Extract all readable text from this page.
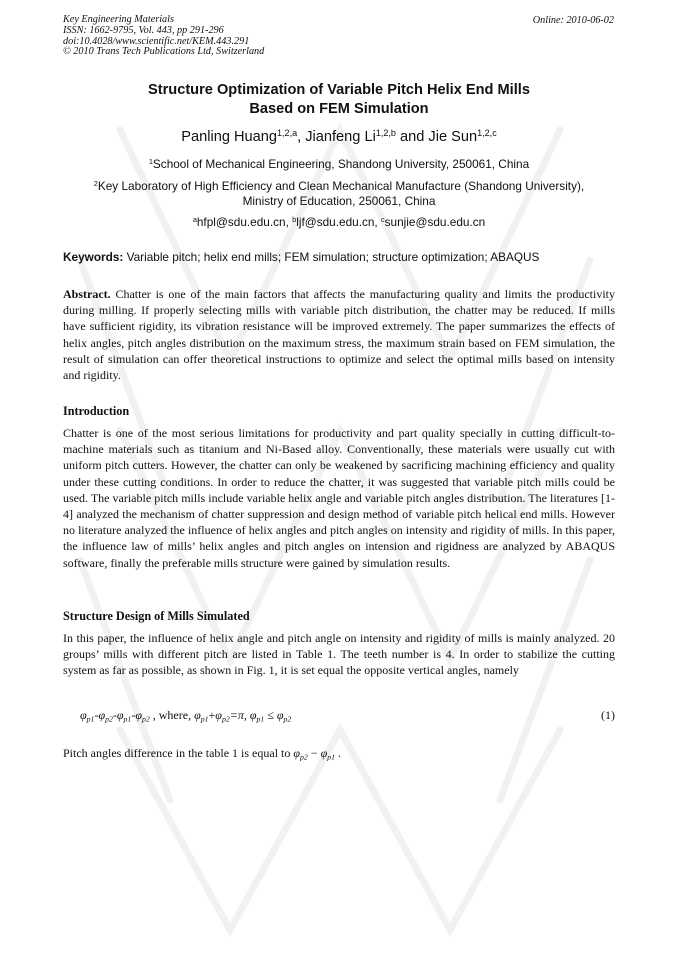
Key Engineering Materials
ISSN: 1662-9795, Vol. 443, pp 291-296
doi:10.4028/www.scientific.net/KEM.443.291
© 2010 Trans Tech Publications Ltd, Switzerland
Online: 2010-06-02
Structure Optimization of Variable Pitch Helix End Mills
Based on FEM Simulation
Panling Huang$^{1,2,a}$, Jianfeng Li$^{1,2,b}$ and Jie Sun$^{1,2,c}$
$^1$School of Mechanical Engineering, Shandong University, 250061, China
$^2$Key Laboratory of High Efficiency and Clean Mechanical Manufacture (Shandong University),
Ministry of Education, 250061, China
$^a$hfpl@sdu.edu.cn, $^b$ljf@sdu.edu.cn, $^c$sunjie@sdu.edu.cn
Keywords: Variable pitch; helix end mills; FEM simulation; structure optimization; ABAQUS
Abstract. Chatter is one of the main factors that affects the manufacturing quality and limits the productivity during milling. If properly selecting mills with variable pitch distribution, the chatter may be reduced. If mills have sufficient rigidity, its vibration resistance will be improved extremely. The paper summarizes the effects of helix angles, pitch angles distribution on the maximum stress, the maximum strain based on FEM simulation, the result of simulation can offer theoretical instructions to optimize and select the optimal mills based on intensity and rigidity.
Introduction
Chatter is one of the most serious limitations for productivity and part quality specially in cutting difficult-to-machine materials such as titanium and Ni-Based alloy. Conventionally, these materials were usually cut with uniform pitch cutters. However, the chatter can only be weakened by sacrificing machining efficiency and quality under these cutting conditions. In order to reduce the chatter, it was suggested that variable pitch mills could be used. The variable pitch mills include variable helix angle and variable pitch angles distribution. The literatures [1-4] analyzed the mechanism of chatter suppression and design method of variable pitch helical end mills. However no literature analyzed the influence of helix angles and pitch angles on intensity and rigidity of mills. In this paper, the influence law of mills’ helix angles and pitch angles on intension and rigidness are analyzed by ABAQUS software, finally the preferable mills structure were gained by simulation results.
Structure Design of Mills Simulated
In this paper, the influence of helix angle and pitch angle on intensity and rigidity of mills is mainly analyzed. 20 groups’ mills with different pitch are listed in Table 1. The teeth number is 4. In order to stabilize the cutting system as far as possible, as shown in Fig. 1, it is set equal the opposite vertical angles, namely
$\varphi_{p1}-\varphi_{p2}-\varphi_{p1}-\varphi_{p2}$ , where, $\varphi_{p1}+\varphi_{p2}=\pi$, $\varphi_{p1} \le \varphi_{p2}$	(1)
Pitch angles difference in the table 1 is equal to $\varphi_{p2} - \varphi_{p1}$ .
